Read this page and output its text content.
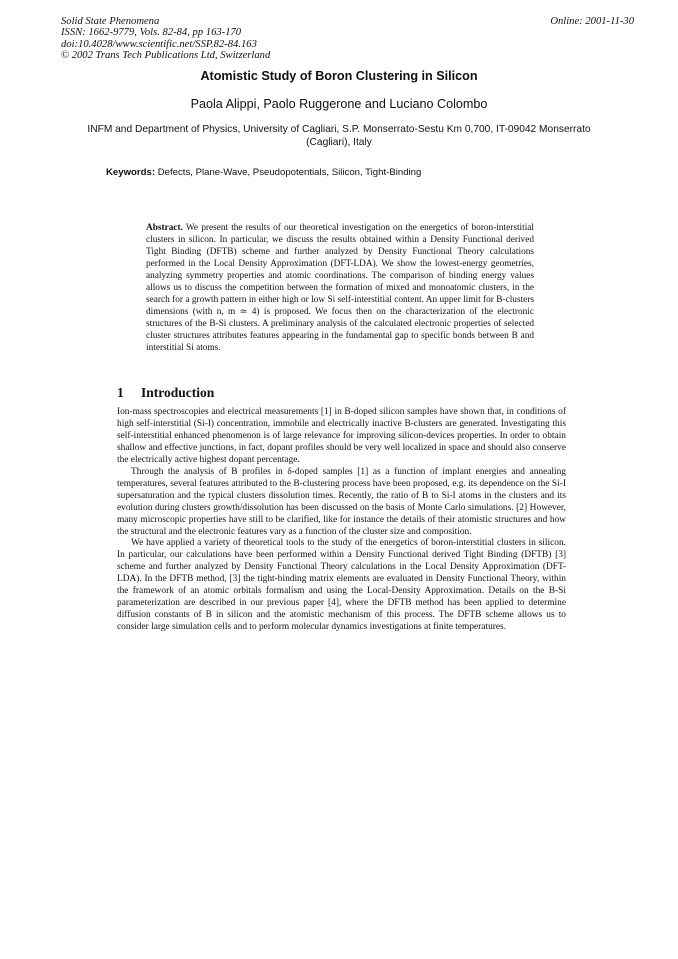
Solid State Phenomena
ISSN: 1662-9779, Vols. 82-84, pp 163-170
doi:10.4028/www.scientific.net/SSP.82-84.163
© 2002 Trans Tech Publications Ltd, Switzerland
Online: 2001-11-30
Atomistic Study of Boron Clustering in Silicon
Paola Alippi, Paolo Ruggerone and Luciano Colombo
INFM and Department of Physics, University of Cagliari, S.P. Monserrato-Sestu Km 0,700, IT-09042 Monserrato (Cagliari), Italy
Keywords: Defects, Plane-Wave, Pseudopotentials, Silicon, Tight-Binding
Abstract. We present the results of our theoretical investigation on the energetics of boron-interstitial clusters in silicon. In particular, we discuss the results obtained within a Density Functional derived Tight Binding (DFTB) scheme and further analyzed by Density Functional Theory calculations performed in the Local Density Approximation (DFT-LDA). We show the lowest-energy geometries, analyzing symmetry properties and atomic coordinations. The comparison of binding energy values allows us to discuss the competition between the formation of mixed and monoatomic clusters, in the search for a growth pattern in either high or low Si self-interstitial content. An upper limit for B-clusters dimensions (with n, m ≃ 4) is proposed. We focus then on the characterization of the electronic structures of the B-Si clusters. A preliminary analysis of the calculated electronic properties of selected cluster structures attributes features appearing in the fundamental gap to specific bonds between B and interstitial Si atoms.
1 Introduction

Ion-mass spectroscopies and electrical measurements [1] in B-doped silicon samples have shown that, in conditions of high self-interstitial (Si-I) concentration, immobile and electrically inactive B-clusters are generated. Investigating this self-interstitial enhanced phenomenon is of large relevance for improving silicon-devices properties. In order to obtain shallow and effective junctions, in fact, dopant profiles should be very well localized in space and should also conserve the electrically active highest dopant percentage.

Through the analysis of B profiles in δ-doped samples [1] as a function of implant energies and annealing temperatures, several features attributed to the B-clustering process have been proposed, e.g. its dependence on the Si-I supersaturation and the typical clusters dissolution times. Recently, the ratio of B to Si-I atoms in the clusters and its evolution during clusters growth/dissolution has been discussed on the basis of Monte Carlo simulations. [2] However, many microscopic properties have still to be clarified, like for instance the details of their atomistic structures and how the structural and the electronic features vary as a function of the cluster size and composition.

We have applied a variety of theoretical tools to the study of the energetics of boron-interstitial clusters in silicon. In particular, our calculations have been performed within a Density Functional derived Tight Binding (DFTB) [3] scheme and further analyzed by Density Functional Theory calculations in the Local Density Approximation (DFT-LDA). In the DFTB method, [3] the tight-binding matrix elements are evaluated in Density Functional Theory, within the framework of an atomic orbitals formalism and using the Local-Density Approximation. Details on the B-Si parameterization are described in our previous paper [4], where the DFTB method has been applied to determine diffusion constants of B in silicon and the atomistic mechanism of this process. The DFTB scheme allows us to consider large simulation cells and to perform molecular dynamics investigations at finite temperatures.
